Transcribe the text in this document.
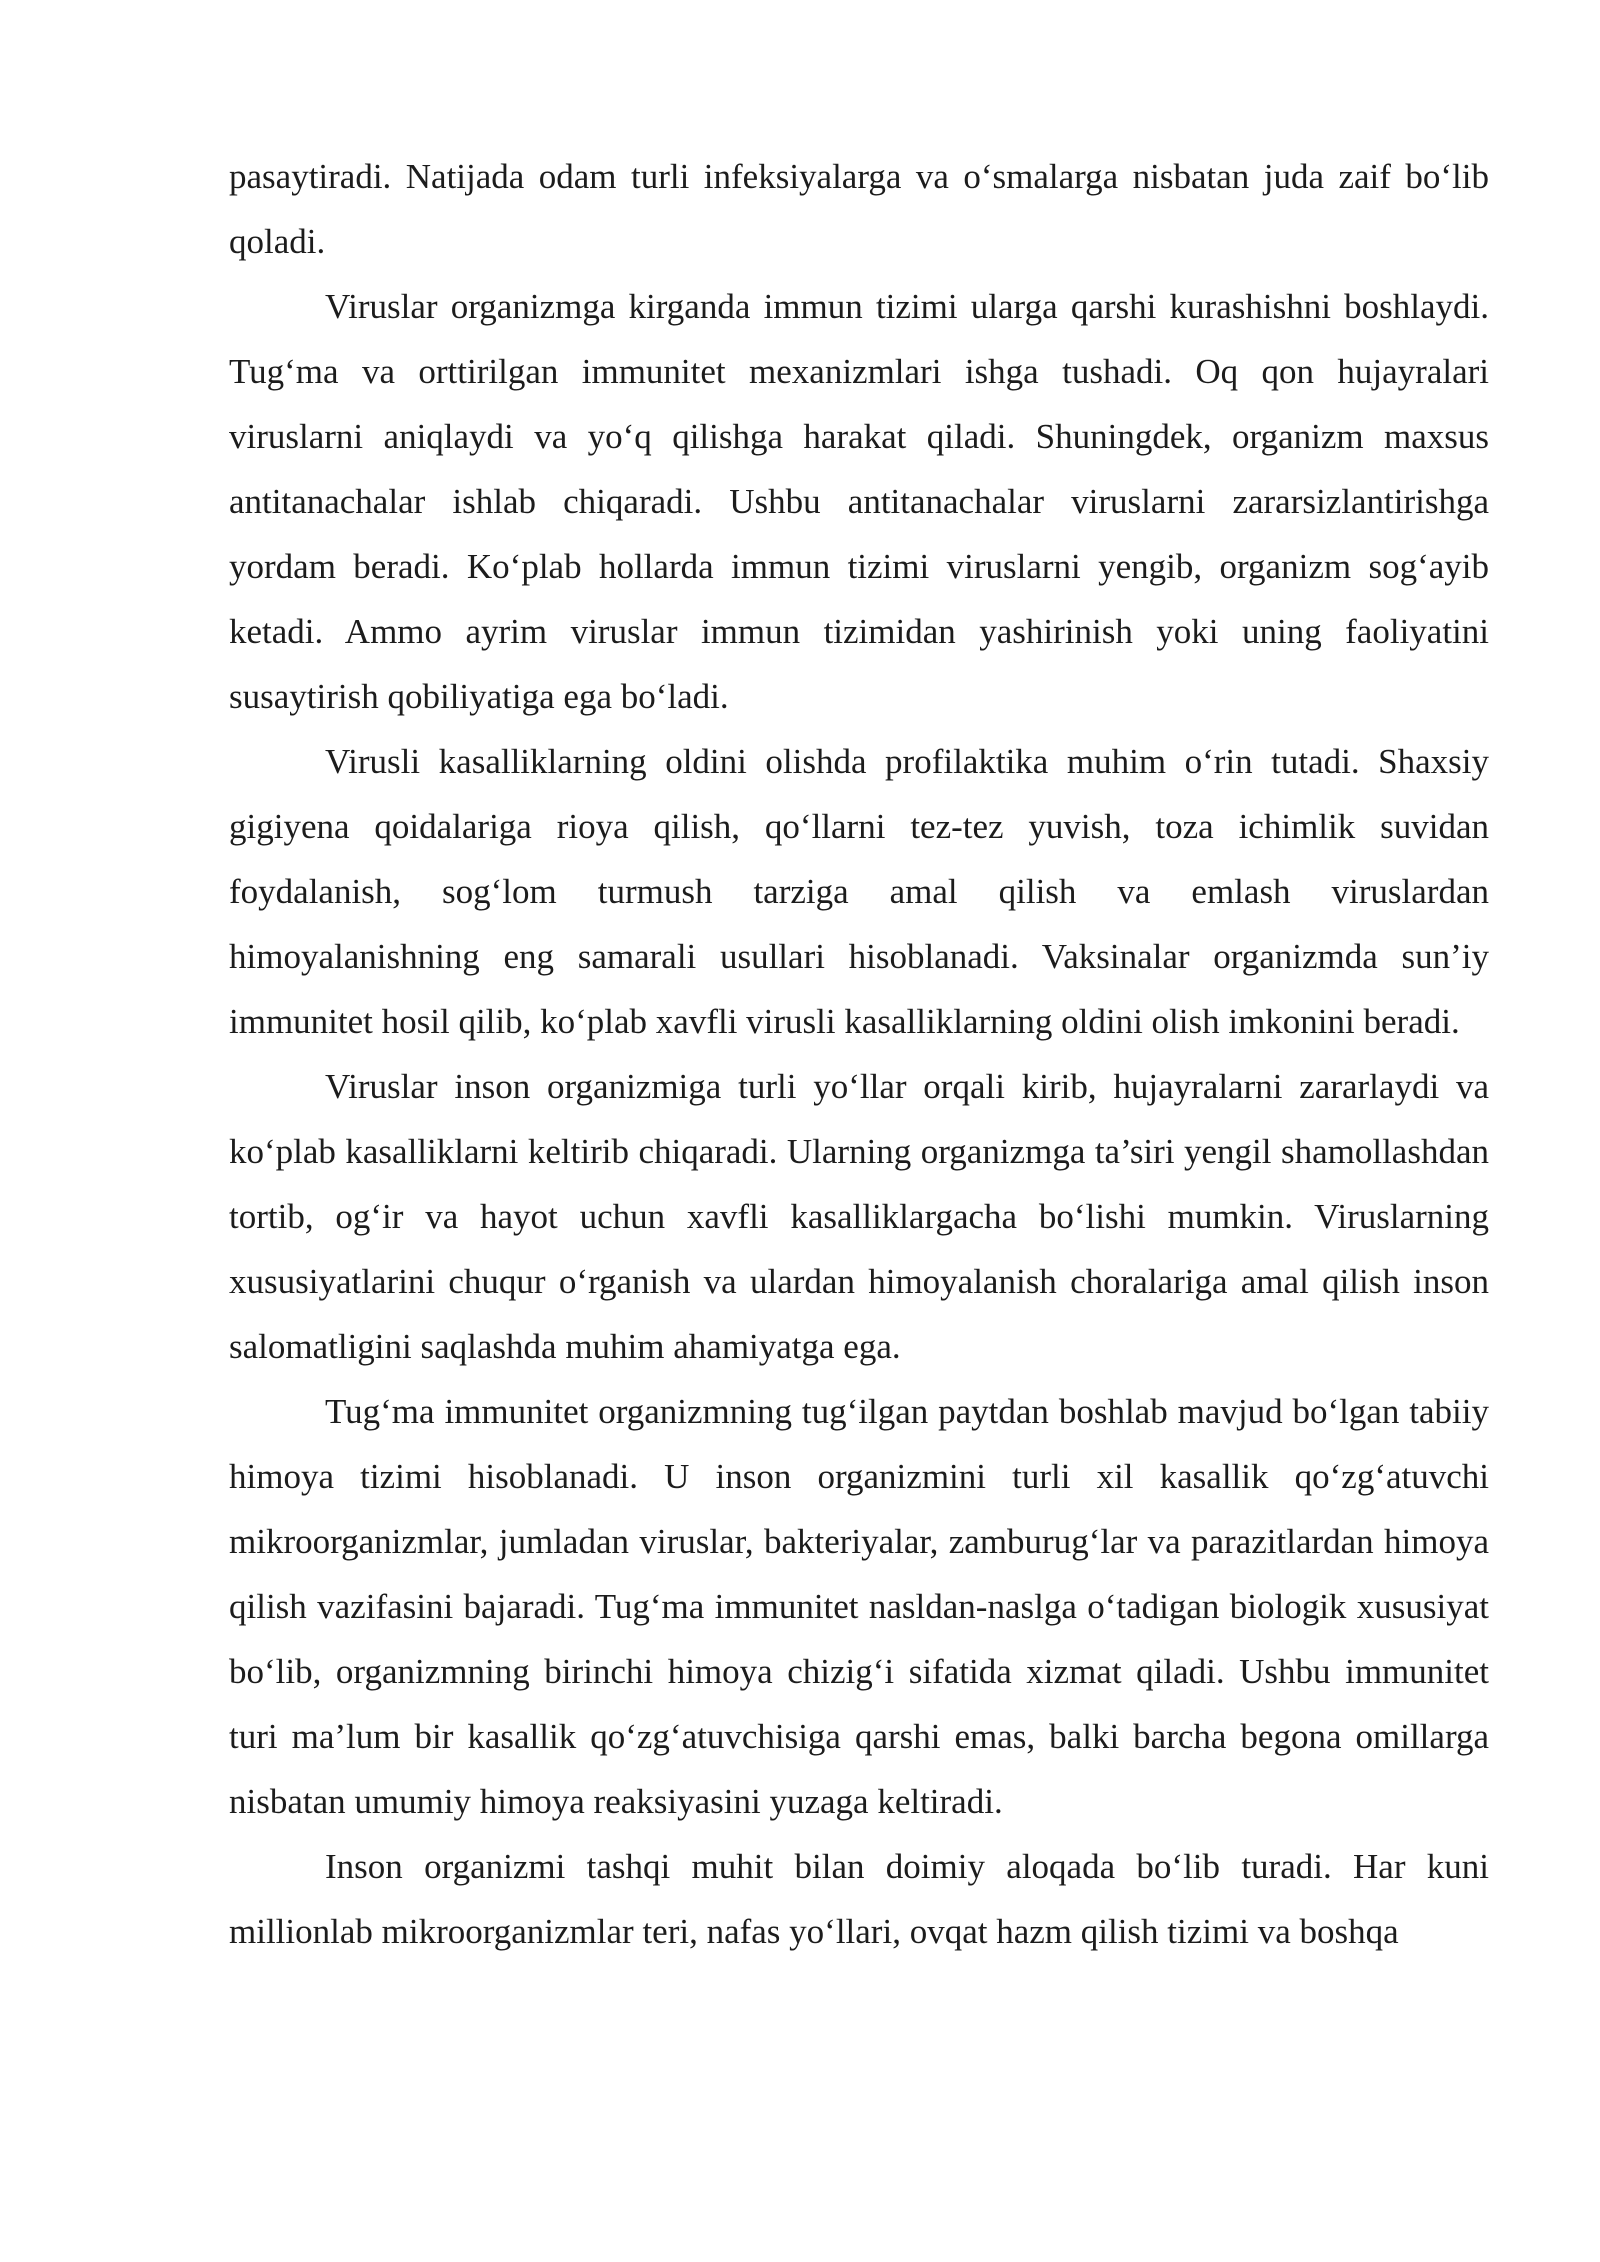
pasaytiradi. Natijada odam turli infeksiyalarga va o‘smalarga nisbatan juda zaif bo‘lib qoladi.

Viruslar organizmga kirganda immun tizimi ularga qarshi kurashishni boshlaydi. Tug‘ma va orttirilgan immunitet mexanizmlari ishga tushadi. Oq qon hujayralari viruslarni aniqlaydi va yo‘q qilishga harakat qiladi. Shuningdek, organizm maxsus antitanachalar ishlab chiqaradi. Ushbu antitanachalar viruslarni zararsizlantirishga yordam beradi. Ko‘plab hollarda immun tizimi viruslarni yengib, organizm sog‘ayib ketadi. Ammo ayrim viruslar immun tizimidan yashirinish yoki uning faoliyatini susaytirish qobiliyatiga ega bo‘ladi.

Virusli kasalliklarning oldini olishda profilaktika muhim o‘rin tutadi. Shaxsiy gigiyena qoidalariga rioya qilish, qo‘llarni tez-tez yuvish, toza ichimlik suvidan foydalanish, sog‘lom turmush tarziga amal qilish va emlash viruslardan himoyalanishning eng samarali usullari hisoblanadi. Vaksinalar organizmda sun’iy immunitet hosil qilib, ko‘plab xavfli virusli kasalliklarning oldini olish imkonini beradi.

Viruslar inson organizmiga turli yo‘llar orqali kirib, hujayralarni zararlaydi va ko‘plab kasalliklarni keltirib chiqaradi. Ularning organizmga ta’siri yengil shamollashdan tortib, og‘ir va hayot uchun xavfli kasalliklargacha bo‘lishi mumkin. Viruslarning xususiyatlarini chuqur o‘rganish va ulardan himoyalanish choralariga amal qilish inson salomatligini saqlashda muhim ahamiyatga ega.

Tug‘ma immunitet organizmning tug‘ilgan paytdan boshlab mavjud bo‘lgan tabiiy himoya tizimi hisoblanadi. U inson organizmini turli xil kasallik qo‘zg‘atuvchi mikroorganizmlar, jumladan viruslar, bakteriyalar, zamburug‘lar va parazitlardan himoya qilish vazifasini bajaradi. Tug‘ma immunitet nasldan-naslga o‘tadigan biologik xususiyat bo‘lib, organizmning birinchi himoya chizig‘i sifatida xizmat qiladi. Ushbu immunitet turi ma’lum bir kasallik qo‘zg‘atuvchisiga qarshi emas, balki barcha begona omillarga nisbatan umumiy himoya reaksiyasini yuzaga keltiradi.

Inson organizmi tashqi muhit bilan doimiy aloqada bo‘lib turadi. Har kuni millionlab mikroorganizmlar teri, nafas yo‘llari, ovqat hazm qilish tizimi va boshqa
